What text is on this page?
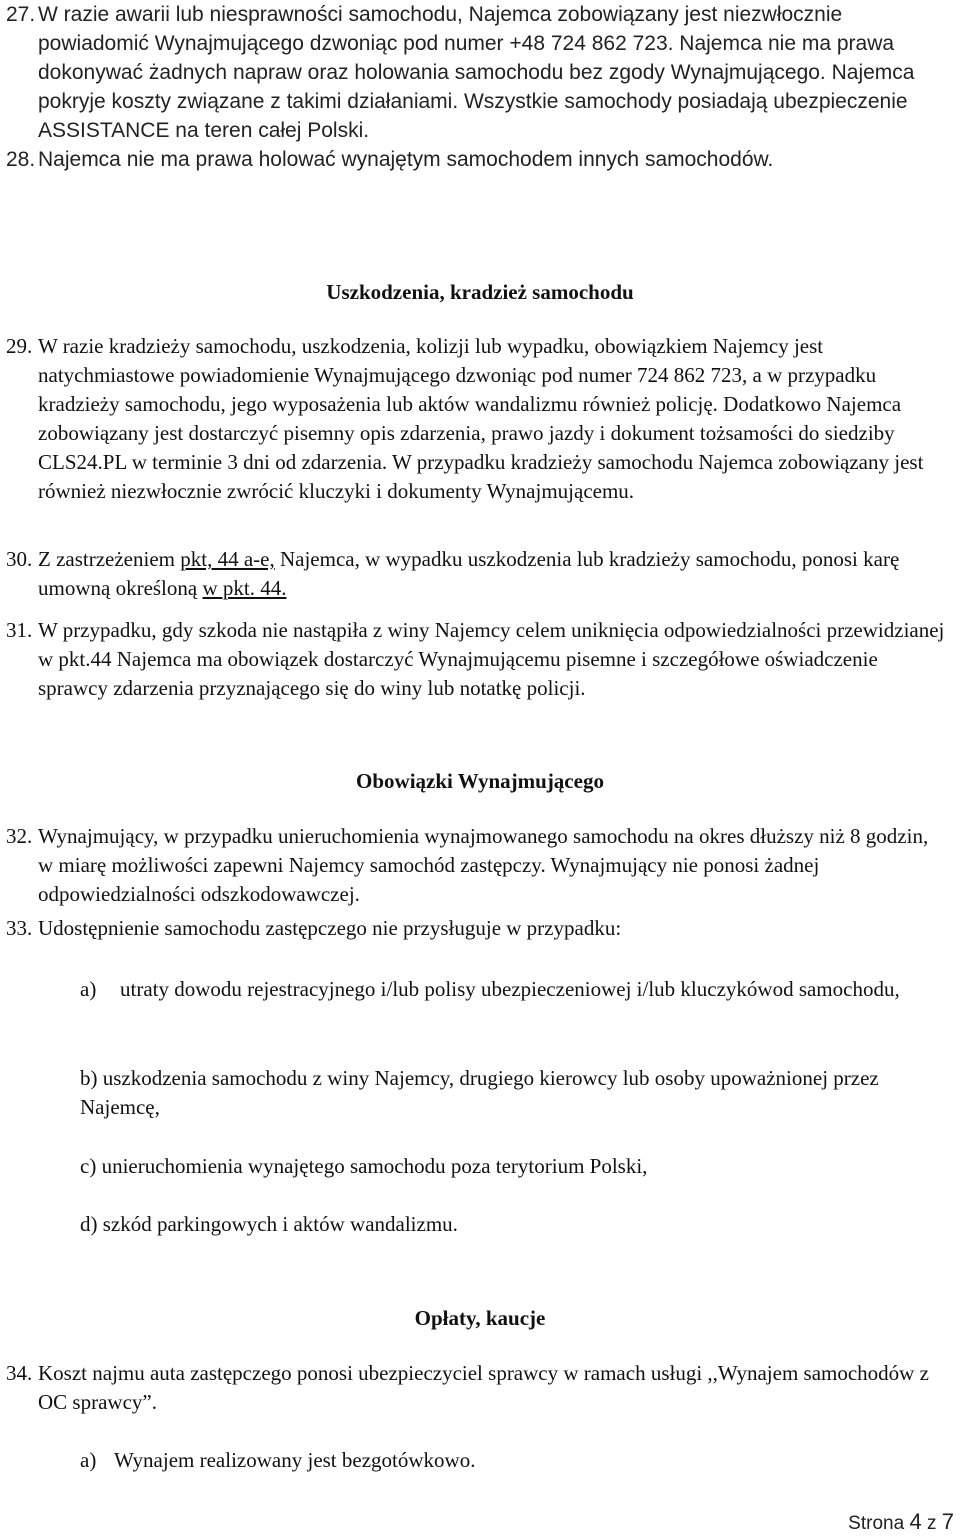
27. W razie awarii lub niesprawności samochodu, Najemca zobowiązany jest niezwłocznie powiadomić Wynajmującego dzwoniąc pod numer +48 724 862 723. Najemca nie ma prawa dokonywać żadnych napraw oraz holowania samochodu bez zgody Wynajmującego. Najemca pokryje koszty związane z takimi działaniami. Wszystkie samochody posiadają ubezpieczenie ASSISTANCE na teren całej Polski.
28. Najemca nie ma prawa holować wynajętym samochodem innych samochodów.
Uszkodzenia, kradzież samochodu
29. W razie kradzieży samochodu, uszkodzenia, kolizji lub wypadku, obowiązkiem Najemcy jest natychmiastowe powiadomienie Wynajmującego dzwoniąc pod numer 724 862 723, a w przypadku kradzieży samochodu, jego wyposażenia lub aktów wandalizmu również policję. Dodatkowo Najemca zobowiązany jest dostarczyć pisemny opis zdarzenia, prawo jazdy i dokument tożsamości do siedziby CLS24.PL w terminie 3 dni od zdarzenia. W przypadku kradzieży samochodu Najemca zobowiązany jest również niezwłocznie zwrócić kluczyki i dokumenty Wynajmującemu.
30. Z zastrzeżeniem pkt, 44 a-e, Najemca, w wypadku uszkodzenia lub kradzieży samochodu, ponosi karę umowną określoną w pkt. 44.
31. W przypadku, gdy szkoda nie nastąpiła z winy Najemcy celem uniknięcia odpowiedzialności przewidzianej w pkt.44 Najemca ma obowiązek dostarczyć Wynajmującemu pisemne i szczegółowe oświadczenie sprawcy zdarzenia przyznającego się do winy lub notatkę policji.
Obowiązki Wynajmującego
32. Wynajmujący, w przypadku unieruchomienia wynajmowanego samochodu na okres dłuższy niż 8 godzin, w miarę możliwości zapewni Najemcy samochód zastępczy. Wynajmujący nie ponosi żadnej odpowiedzialności odszkodowawczej.
33. Udostępnienie samochodu zastępczego nie przysługuje w przypadku:
a) utraty dowodu rejestracyjnego i/lub polisy ubezpieczeniowej i/lub kluczykówod samochodu,
b) uszkodzenia samochodu z winy Najemcy, drugiego kierowcy lub osoby upoważnionej przez Najemcę,
c) unieruchomienia wynajętego samochodu poza terytorium Polski,
d) szkód parkingowych i aktów wandalizmu.
Opłaty, kaucje
34. Koszt najmu auta zastępczego ponosi ubezpieczyciel sprawcy w ramach usługi ,,Wynajem samochodów z OC sprawcy”.
a) Wynajem realizowany jest bezgotówkowo.
Strona 4 z 7
